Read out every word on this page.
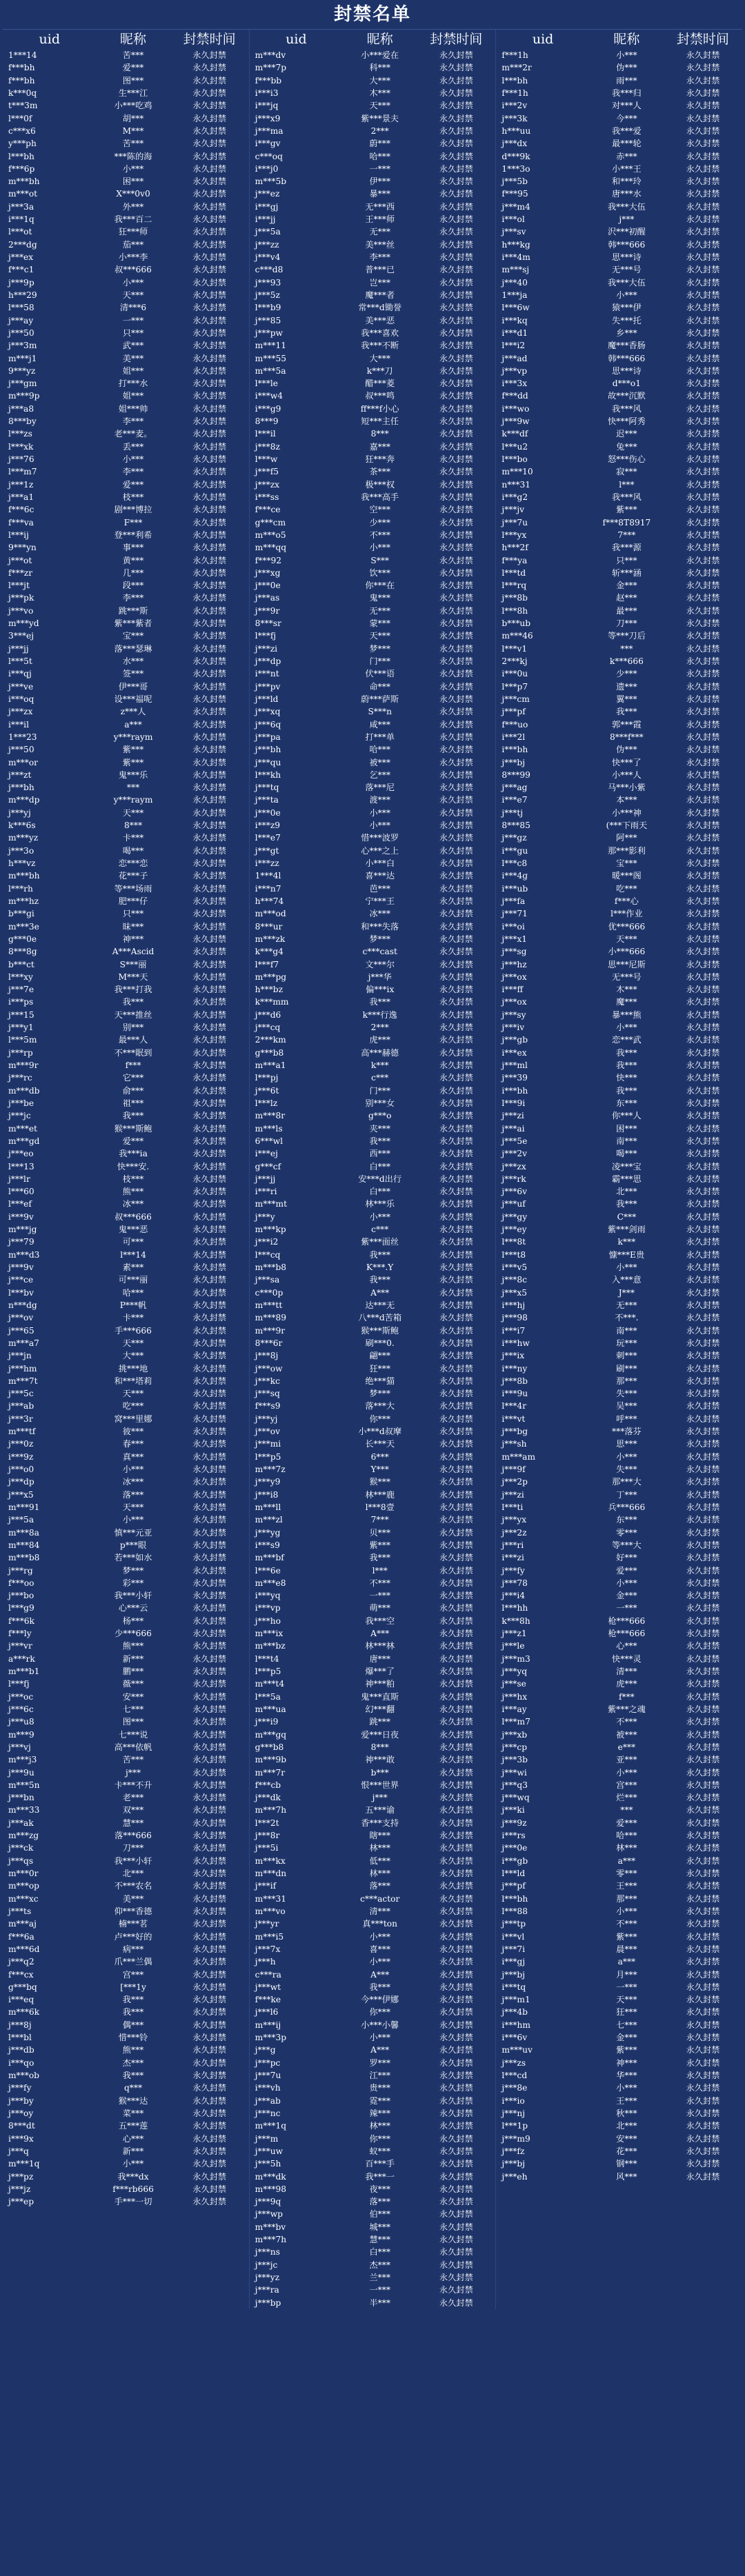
封禁名单
uid	昵称	封禁时间
1***14	苦***	永久封禁
f***bh	爱***	永久封禁
f***bh	图***	永久封禁
k***0q	生***江	永久封禁
t***3m	小***吃鸡	永久封禁
l***0f	胡***	永久封禁
c***x6	M***	永久封禁
y***ph	苦***	永久封禁
l***bh	***陈的海	永久封禁
f***6p	小***	永久封禁
m***bh	困***	永久封禁
m***ot	X***0v0	永久封禁
j***3a	外***	永久封禁
i***1q	我***百二	永久封禁
l***ot	狂***师	永久封禁
2***dg	茄***	永久封禁
j***ex	小***李	永久封禁
f***c1	叔***666	永久封禁
j***9p	小***	永久封禁
h***29	天***	永久封禁
l***58	清***6	永久封禁
j***ay	一***	永久封禁
j***50	只***	永久封禁
j***3m	武***	永久封禁
m***j1	美***	永久封禁
9***yz	姐***	永久封禁
j***gm	打***水	永久封禁
m***9p	姐***	永久封禁
j***a8	姐***帅	永久封禁
8***by	李***	永久封禁
l***zs	老***麦。	永久封禁
l***xk	丢***	永久封禁
j***76	小***	永久封禁
l***m7	李***	永久封禁
j***1z	爱***	永久封禁
j***a1	枝***	永久封禁
f***6c	剧***博拉	永久封禁
f***va	F***	永久封禁
l***ij	登***利希	永久封禁
9***yn	事***	永久封禁
j***ot	黄***	永久封禁
f***zr	几***	永久封禁
l***jt	段***	永久封禁
j***pk	李***	永久封禁
j***vo	跳***斯	永久封禁
m***yd	紫***紫者	永久封禁
3***ej	宝***	永久封禁
j***jj	落***瑟琳	永久封禁
l***5t	水***	永久封禁
i***qj	签***	永久封禁
j***ve	伊***哥	永久封禁
i***oq	设***福呢	永久封禁
j***zx	z***人	永久封禁
i***il	a***	永久封禁
1***23	y***raym	永久封禁
j***50	紫***	永久封禁
m***or	紫***	永久封禁
j***zt	鬼***乐	永久封禁
j***bh	***	永久封禁
m***dp	y***raym	永久封禁
j***yj	天***	永久封禁
k***6s	8***	永久封禁
m***yz	卡***	永久封禁
j***3o	喝***	永久封禁
h***vz	恋***恋	永久封禁
m***bh	花***子	永久封禁
l***rh	等***场雨	永久封禁
m***hz	肥***仔	永久封禁
b***gi	只***	永久封禁
m***3e	昧***	永久封禁
g***0e	神***	永久封禁
8***8g	A***Ascid	永久封禁
b***ct	S***丽	永久封禁
l***xy	M***天	永久封禁
j***7e	我***打我	永久封禁
i***ps	我***	永久封禁
j***15	天***推丝	永久封禁
j***y1	别***	永久封禁
l***5m	最***人	永久封禁
j***rp	不***眠到	永久封禁
m***9r	f***	永久封禁
j***rc	它***	永久封禁
m***db	俞***	永久封禁
j***be	祖***	永久封禁
j***jc	我***	永久封禁
m***et	猴***斯鲍	永久封禁
m***gd	爱***	永久封禁
j***eo	我***ia	永久封禁
l***13	快***安.	永久封禁
j***lr	枝***	永久封禁
l***60	熊***	永久封禁
l***ef	冰***	永久封禁
i***9v	叔***666	永久封禁
m***jg	鬼***恶	永久封禁
j***79	可***	永久封禁
m***d3	l***14	永久封禁
j***9v	素***	永久封禁
j***ce	可***丽	永久封禁
l***bv	哈***	永久封禁
n***dg	P***帆	永久封禁
j***ov	卡***	永久封禁
j***65	手***666	永久封禁
m***a7	天***	永久封禁
j***jn	大***	永久封禁
j***hm	挑***地	永久封禁
m***7t	和***塔莉	永久封禁
j***5c	天***	永久封禁
j***ab	吃***	永久封禁
j***3r	窝***里娜	永久封禁
m***tf	彼***	永久封禁
j***0z	春***	永久封禁
i***9z	真***	永久封禁
j***o0	小***	永久封禁
j***dp	冰***	永久封禁
j***x5	落***	永久封禁
m***91	天***	永久封禁
j***5a	小***	永久封禁
m***8a	慎***元亚	永久封禁
m***84	p***眼	永久封禁
m***b8	若***如水	永久封禁
j***rg	梦***	永久封禁
f***oo	彩***	永久封禁
j***bo	我***小轩	永久封禁
l***g9	心***云	永久封禁
f***6k	杨***	永久封禁
f***ly	少***666	永久封禁
j***vr	熊***	永久封禁
a***rk	新***	永久封禁
m***b1	鹏***	永久封禁
l***fj	薇***	永久封禁
j***oc	安***	永久封禁
j***6c	七***	永久封禁
j***u8	图***	永久封禁
m***9	七***说	永久封禁
j***vj	高***依帆	永久封禁
m***j3	苦***	永久封禁
j***9u	j***	永久封禁
m***5n	卡***不升	永久封禁
j***bn	老***	永久封禁
m***33	双***	永久封禁
j***ak	慧***	永久封禁
m***zg	落***666	永久封禁
j***ck	刀***	永久封禁
j***qs	我***小轩	永久封禁
m***0r	北***	永久封禁
m***op	不***农名	永久封禁
m***xc	美***	永久封禁
j***ts	仰***香德	永久封禁
m***aj	楠***茗	永久封禁
f***6a	卢***好的	永久封禁
m***6d	病***	永久封禁
j***q2	爪***兰偶	永久封禁
f***cx	宫***	永久封禁
g***bq	[***1y	永久封禁
i***eq	我***	永久封禁
m***6k	我***	永久封禁
j***8j	偶***	永久封禁
l***bl	惜***铃	永久封禁
j***db	熊***	永久封禁
i***qo	杰***	永久封禁
m***ob	我***	永久封禁
j***fy	q***	永久封禁
j***by	猴***达	永久封禁
j***oy	菜***	永久封禁
8***dt	五***莲	永久封禁
i***9x	心***	永久封禁
j***q	新***	永久封禁
m***1q	小***	永久封禁
j***pz	我***dx	永久封禁
j***jz	f***rb666	永久封禁
j***ep	手***一切	永久封禁
uid	昵称	封禁时间
m***dv	小***爱在	永久封禁
m***7p	科***	永久封禁
f***bb	大***	永久封禁
i***i3	木***	永久封禁
i***jq	天***	永久封禁
j***x9	紫***景夫	永久封禁
j***ma	2***	永久封禁
i***gv	蔚***	永久封禁
c***oq	哈***	永久封禁
i***j0	一***	永久封禁
m***5b	伊***	永久封禁
j***ez	暴***	永久封禁
i***gj	无***西	永久封禁
i***jj	王***师	永久封禁
j***5a	无***	永久封禁
j***zz	美***丝	永久封禁
j***v4	李***	永久封禁
c***d8	普***已	永久封禁
j***93	岂***	永久封禁
j***5z	魔***者	永久封禁
l***b9	常***d锄誉	永久封禁
j***85	美***恶	永久封禁
j***pw	我***喜欢	永久封禁
m***11	我***不断	永久封禁
m***55	大***	永久封禁
m***5a	k***刀	永久封禁
l***le	醋***菱	永久封禁
i***w4	叔***鸣	永久封禁
i***g9	ff***f小心	永久封禁
8***9	短***主任	永久封禁
l***il	8***	永久封禁
j***8z	嘉***	永久封禁
l***w	狂***奔	永久封禁
j***f5	茶***	永久封禁
j***zx	极***权	永久封禁
i***ss	我***高手	永久封禁
f***ce	空***	永久封禁
g***cm	少***	永久封禁
m***o5	不***	永久封禁
m***qq	小***	永久封禁
f***92	S***	永久封禁
j***xg	饮***	永久封禁
j***0e	你***在	永久封禁
j***as	鬼***	永久封禁
j***9r	无***	永久封禁
8***sr	蒙***	永久封禁
l***fj	天***	永久封禁
j***zi	梦***	永久封禁
j***dp	门***	永久封禁
i***nt	伏***语	永久封禁
j***pv	命***	永久封禁
j***ld	蔚***萨斯	永久封禁
j***xq	S***n	永久封禁
j***6q	咸***	永久封禁
j***pa	打***单	永久封禁
j***bh	哈***	永久封禁
j***qu	被***	永久封禁
l***kh	乞***	永久封禁
j***tq	落***尼	永久封禁
j***ta	渡***	永久封禁
j***0e	小***	永久封禁
i***z9	小***	永久封禁
l***e7	惜***波罗	永久封禁
j***gt	心***之上	永久封禁
i***zz	小***白	永久封禁
1***4l	喜***达	永久封禁
i***n7	芭***	永久封禁
h***74	宁***王	永久封禁
m***od	冰***	永久封禁
8***ur	和***失落	永久封禁
m***zk	梦***	永久封禁
k***g4	c***cast	永久封禁
l***f7	文***尔	永久封禁
m***pg	j***华	永久封禁
h***bz	偏***ix	永久封禁
k***mm	我***	永久封禁
j***d6	k***行逸	永久封禁
j***cq	2***	永久封禁
2***km	虎***	永久封禁
g***b8	高***赫德	永久封禁
m***a1	k***	永久封禁
l***pj	c***	永久封禁
j***6t	门***	永久封禁
l***lz	别***女	永久封禁
m***8r	g***o	永久封禁
m***ls	夹***	永久封禁
6***wl	我***	永久封禁
i***ej	西***	永久封禁
g***cf	白***	永久封禁
j***jj	安***d出行	永久封禁
i***ri	白***	永久封禁
m***mt	林***乐	永久封禁
j***y	小***	永久封禁
m***kp	c***	永久封禁
j***i2	紫***面丝	永久封禁
l***cq	我***	永久封禁
m***b8	K***.Y	永久封禁
j***sa	我***	永久封禁
c***0p	A***	永久封禁
m***tt	达***无	永久封禁
m***89	八***d苦箱	永久封禁
m***9r	猴***斯鲍	永久封禁
8***6r	刷***0.	永久封禁
j***8j	翩***	永久封禁
j***ow	狂***	永久封禁
j***kc	绝***猫	永久封禁
j***sq	梦***	永久封禁
f***s9	落***大	永久封禁
j***yj	你***	永久封禁
j***ov	小***d叔摩	永久封禁
j***mi	长***天	永久封禁
l***p5	6***	永久封禁
m***7z	Y***	永久封禁
j***y9	猴***	永久封禁
j***i8	林***鹿	永久封禁
m***ll	l***8壹	永久封禁
m***zl	7***	永久封禁
j***yg	贝***	永久封禁
i***s9	紫***	永久封禁
m***bf	我***	永久封禁
l***6e	l***	永久封禁
m***e8	不***	永久封禁
i***yq	一***	永久封禁
i***vp	萌***	永久封禁
j***ho	我***空	永久封禁
m***ix	A***	永久封禁
m***bz	林***林	永久封禁
l***t4	唐***	永久封禁
l***p5	爆***了	永久封禁
m***t4	神***粕	永久封禁
l***5a	鬼***直斯	永久封禁
m***ua	幻***翻	永久封禁
j***i9	跳***	永久封禁
m***gq	爱***日夜	永久封禁
g***b8	8***	永久封禁
m***9b	神***敢	永久封禁
m***7r	b***	永久封禁
f***cb	恨***世界	永久封禁
j***dk	j***	永久封禁
m***7h	五***谕	永久封禁
l***2t	香***支持	永久封禁
j***8r	瞎***	永久封禁
j***5i	林***	永久封禁
m***kx	低***	永久封禁
m***dn	林***	永久封禁
j***if	落***	永久封禁
m***31	c***actor	永久封禁
m***vo	清***	永久封禁
j***yr	真***ton	永久封禁
m***i5	小***	永久封禁
j***7x	喜***	永久封禁
j***h	小***	永久封禁
c***ra	A***	永久封禁
j***wt	我***	永久封禁
f***ke	今***伊娜	永久封禁
j***l6	你***	永久封禁
m***ij	小***小馨	永久封禁
m***3p	小***	永久封禁
j***g	A***	永久封禁
j***pc	罗***	永久封禁
j***7u	江***	永久封禁
i***vh	贵***	永久封禁
j***ab	霓***	永久封禁
j***nc	辣***	永久封禁
m***1q	林***	永久封禁
j***m	你***	永久封禁
j***uw	蚁***	永久封禁
j***5h	百***手	永久封禁
m***dk	我***一	永久封禁
m***98	夜***	永久封禁
j***9q	落***	永久封禁
j***wp	伯***	永久封禁
m***bv	城***	永久封禁
m***7h	慧***	永久封禁
j***ns	白***	永久封禁
j***jc	杰***	永久封禁
j***yz	兰***	永久封禁
j***ra	一***	永久封禁
j***bp	半***	永久封禁
uid	昵称	封禁时间
f***1h	小***	永久封禁
m***2r	伪***	永久封禁
l***bh	雨***	永久封禁
f***1h	我***归	永久封禁
i***2v	对***人	永久封禁
j***3k	今***	永久封禁
h***uu	我***爱	永久封禁
j***dx	最***轮	永久封禁
d***9k	赤***	永久封禁
1***3o	小***王	永久封禁
j***5b	和***玲	永久封禁
f***95	唐***水	永久封禁
j***m4	我***大伍	永久封禁
i***ol	j***	永久封禁
j***sv	沢***初醒	永久封禁
h***kg	韩***666	永久封禁
i***4m	思***诗	永久封禁
m***sj	无***号	永久封禁
j***40	我***大伍	永久封禁
1***ja	小***	永久封禁
l***6w	猿***伊	永久封禁
i***kq	失***托	永久封禁
i***d1	乡***	永久封禁
l***i2	魔***香肠	永久封禁
j***ad	韩***666	永久封禁
j***vp	思***诗	永久封禁
i***3x	d***o1	永久封禁
f***dd	故***沉默	永久封禁
i***wo	我***风	永久封禁
j***9w	快***阿秀	永久封禁
k***df	迟***	永久封禁
l***u2	兔***	永久封禁
l***bo	怒***伤心	永久封禁
m***10	寂***	永久封禁
n***31	l***	永久封禁
i***g2	我***风	永久封禁
j***jv	紫***	永久封禁
j***7u	f***8T8917	永久封禁
l***yx	7***	永久封禁
h***2f	我***源	永久封禁
f***ya	只***	永久封禁
l***td	斩***涵	永久封禁
l***rq	金***	永久封禁
j***8b	赵***	永久封禁
l***8h	最***	永久封禁
b***ub	刀***	永久封禁
m***46	等***刀后	永久封禁
l***v1	***	永久封禁
2***kj	k***666	永久封禁
i***0u	少***	永久封禁
l***p7	遗***	永久封禁
j***cm	翼***	永久封禁
j***pf	我***	永久封禁
f***uo	郭***霞	永久封禁
i***2l	8***f***	永久封禁
i***bh	伪***	永久封禁
j***bj	快***了	永久封禁
8***99	小***人	永久封禁
j***ag	马***小紫	永久封禁
i***e7	本***	永久封禁
j***tj	小***神	永久封禁
8***85	(***下雨天	永久封禁
j***gz	阿***	永久封禁
i***gu	那***影利	永久封禁
l***c8	宝***	永久封禁
i***4g	暖***阁	永久封禁
i***ub	吃***	永久封禁
j***fa	f***心	永久封禁
j***71	l***作业	永久封禁
i***oi	优***666	永久封禁
j***x1	天***	永久封禁
j***sg	小***666	永久封禁
j***hz	思***尼斯	永久封禁
j***ox	无***号	永久封禁
i***ff	木***	永久封禁
j***ox	魔***	永久封禁
j***sy	暴***熊	永久封禁
j***iv	小***	永久封禁
j***gb	恋***武	永久封禁
i***ex	我***	永久封禁
j***ml	我***	永久封禁
j***39	快***	永久封禁
i***bh	我***	永久封禁
l***9i	东***	永久封禁
j***zi	你***人	永久封禁
j***ai	困***	永久封禁
j***5e	南***	永久封禁
j***2v	喝***	永久封禁
j***zx	凌***宝	永久封禁
j***rk	霸***思	永久封禁
j***6v	北***	永久封禁
j***uf	我***	永久封禁
j***gy	C***	永久封禁
j***ey	紫***剑雨	永久封禁
l***8t	k***	永久封禁
l***t8	慷***E贵	永久封禁
i***v5	小***	永久封禁
j***8c	入***意	永久封禁
j***x5	J***	永久封禁
i***hj	无***	永久封禁
j***98	不***.	永久封禁
i***i7	南***	永久封禁
i***hw	玩***	永久封禁
j***ix	刺***	永久封禁
i***ny	刷***	永久封禁
j***8b	那***	永久封禁
i***9u	失***	永久封禁
l***4r	吴***	永久封禁
i***vt	呼***	永久封禁
j***bg	***落芬	永久封禁
j***sh	思***	永久封禁
m***am	小***	永久封禁
j***9f	失***	永久封禁
j***2p	那***大	永久封禁
j***zi	丁***	永久封禁
l***ti	兵***666	永久封禁
j***yx	东***	永久封禁
j***2z	零***	永久封禁
j***ri	等***大	永久封禁
i***zi	好***	永久封禁
j***fy	爱***	永久封禁
j***78	小***	永久封禁
j***i4	金***	永久封禁
l***hh	一***	永久封禁
k***8h	枪***666	永久封禁
j***z1	枪***666	永久封禁
j***le	心***	永久封禁
j***m3	快***灵	永久封禁
j***yq	清***	永久封禁
j***se	虎***	永久封禁
j***hx	f***	永久封禁
i***ay	紫***之魂	永久封禁
l***m7	不***	永久封禁
j***xb	被***	永久封禁
j***cp	e***	永久封禁
j***3b	亚***	永久封禁
j***wi	小***	永久封禁
j***q3	宫***	永久封禁
j***wq	烂***	永久封禁
j***ki	***	永久封禁
j***9z	爱***	永久封禁
i***rs	哈***	永久封禁
j***0e	林***	永久封禁
i***gb	a***	永久封禁
l***ld	零***	永久封禁
j***pf	王***	永久封禁
l***bh	那***	永久封禁
l***88	小***	永久封禁
j***tp	不***	永久封禁
i***vl	紫***	永久封禁
j***7i	晨***	永久封禁
i***gj	a***	永久封禁
j***bj	月***	永久封禁
i***tq	一***	永久封禁
j***m1	天***	永久封禁
j***4b	狂***	永久封禁
i***hm	七***	永久封禁
i***6v	金***	永久封禁
m***uv	紫***	永久封禁
j***zs	神***	永久封禁
l***cd	华***	永久封禁
j***8e	小***	永久封禁
i***io	王***	永久封禁
j***nj	秋***	永久封禁
l***1p	北***	永久封禁
j***m9	安***	永久封禁
j***fz	花***	永久封禁
j***bj	钢***	永久封禁
j***eh	风***	永久封禁
